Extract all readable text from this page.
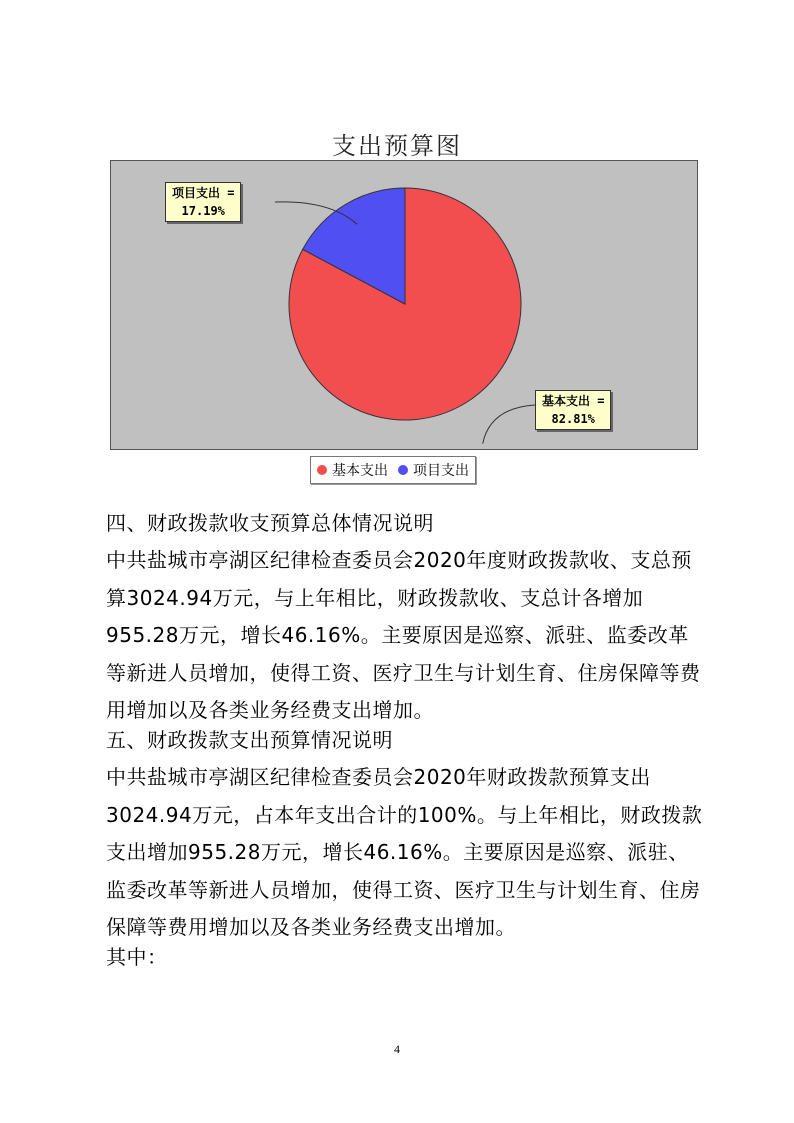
支出预算图
项目支出 =
17.19%
基本支出 =
82.81%
基本支出 项目支出
四、财政拨款收支预算总体情况说明
中共盐城市亭湖区纪律检查委员会2020年度财政拨款收、支总预算3024.94万元，与上年相比，财政拨款收、支总计各增加955.28万元，增长46.16%。主要原因是巡察、派驻、监委改革等新进人员增加，使得工资、医疗卫生与计划生育、住房保障等费用增加以及各类业务经费支出增加。
五、财政拨款支出预算情况说明
中共盐城市亭湖区纪律检查委员会2020年财政拨款预算支出3024.94万元，占本年支出合计的100%。与上年相比，财政拨款支出增加955.28万元，增长46.16%。主要原因是巡察、派驻、监委改革等新进人员增加，使得工资、医疗卫生与计划生育、住房保障等费用增加以及各类业务经费支出增加。
其中：
4
